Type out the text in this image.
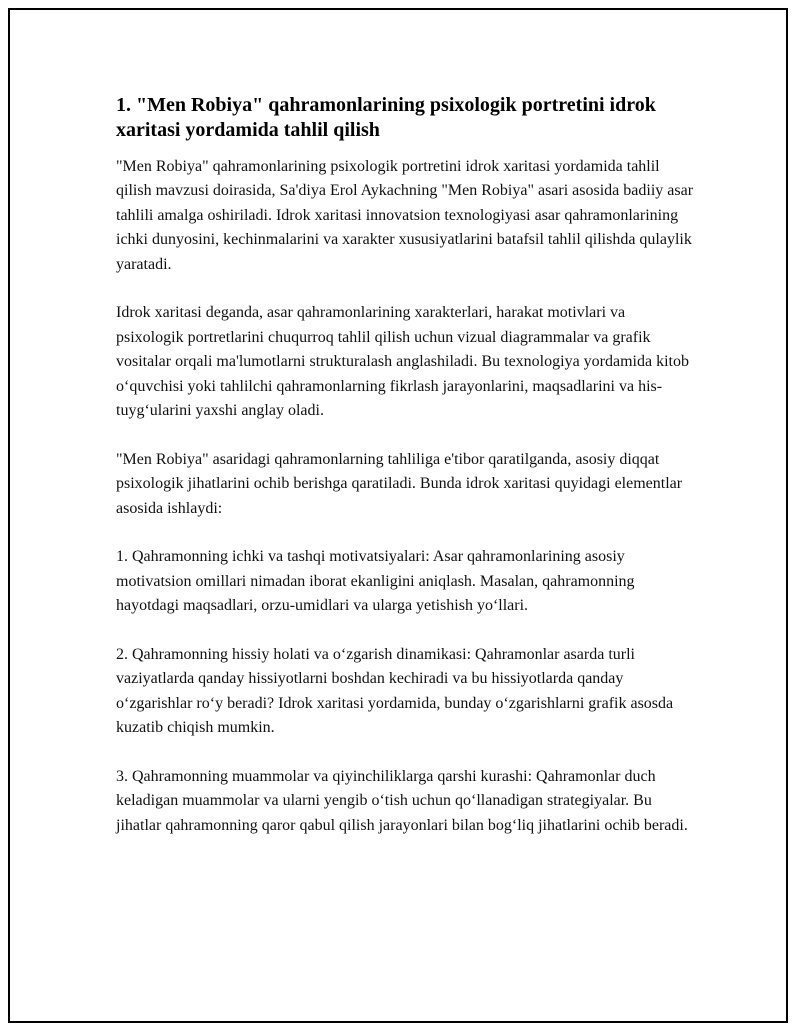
1. "Men Robiya" qahramonlarining psixologik portretini idrok xaritasi yordamida tahlil qilish

"Men Robiya" qahramonlarining psixologik portretini idrok xaritasi yordamida tahlil qilish mavzusi doirasida, Sa'diya Erol Aykachning "Men Robiya" asari asosida badiiy asar tahlili amalga oshiriladi. Idrok xaritasi innovatsion texnologiyasi asar qahramonlarining ichki dunyosini, kechinmalarini va xarakter xususiyatlarini batafsil tahlil qilishda qulaylik yaratadi.

Idrok xaritasi deganda, asar qahramonlarining xarakterlari, harakat motivlari va psixologik portretlarini chuqurroq tahlil qilish uchun vizual diagrammalar va grafik vositalar orqali ma'lumotlarni strukturalash anglashiladi. Bu texnologiya yordamida kitob o‘quvchisi yoki tahlilchi qahramonlarning fikrlash jarayonlarini, maqsadlarini va his-tuyg‘ularini yaxshi anglay oladi.

"Men Robiya" asaridagi qahramonlarning tahliliga e'tibor qaratilganda, asosiy diqqat psixologik jihatlarini ochib berishga qaratiladi. Bunda idrok xaritasi quyidagi elementlar asosida ishlaydi:

1. Qahramonning ichki va tashqi motivatsiyalari: Asar qahramonlarining asosiy motivatsion omillari nimadan iborat ekanligini aniqlash. Masalan, qahramonning hayotdagi maqsadlari, orzu-umidlari va ularga yetishish yo‘llari.

2. Qahramonning hissiy holati va o‘zgarish dinamikasi: Qahramonlar asarda turli vaziyatlarda qanday hissiyotlarni boshdan kechiradi va bu hissiyotlarda qanday o‘zgarishlar ro‘y beradi? Idrok xaritasi yordamida, bunday o‘zgarishlarni grafik asosda kuzatib chiqish mumkin.

3. Qahramonning muammolar va qiyinchiliklarga qarshi kurashi: Qahramonlar duch keladigan muammolar va ularni yengib o‘tish uchun qo‘llanadigan strategiyalar. Bu jihatlar qahramonning qaror qabul qilish jarayonlari bilan bog‘liq jihatlarini ochib beradi.
